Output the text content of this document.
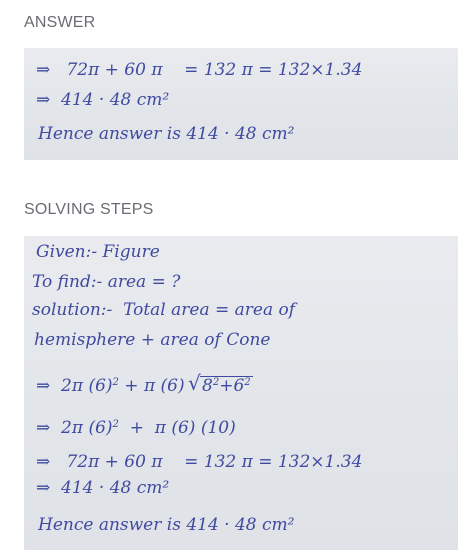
ANSWER
⇒   72π + 60 π    = 132 π = 132×1.34
⇒  414 · 48 cm²
Hence answer is 414 · 48 cm²
SOLVING STEPS
Given:- Figure
To find:- area = ?
solution:-  Total area = area of
hemisphere + area of Cone
⇒  2π $(6)^2 + \pi$ (6) √ $8^2+6^2$
⇒  2π $(6)^2 + \pi$ (6) (10)
⇒   72π + 60 π    = 132 π = 132×1.34
⇒  414 · 48 cm²
Hence answer is 414 · 48 cm²
